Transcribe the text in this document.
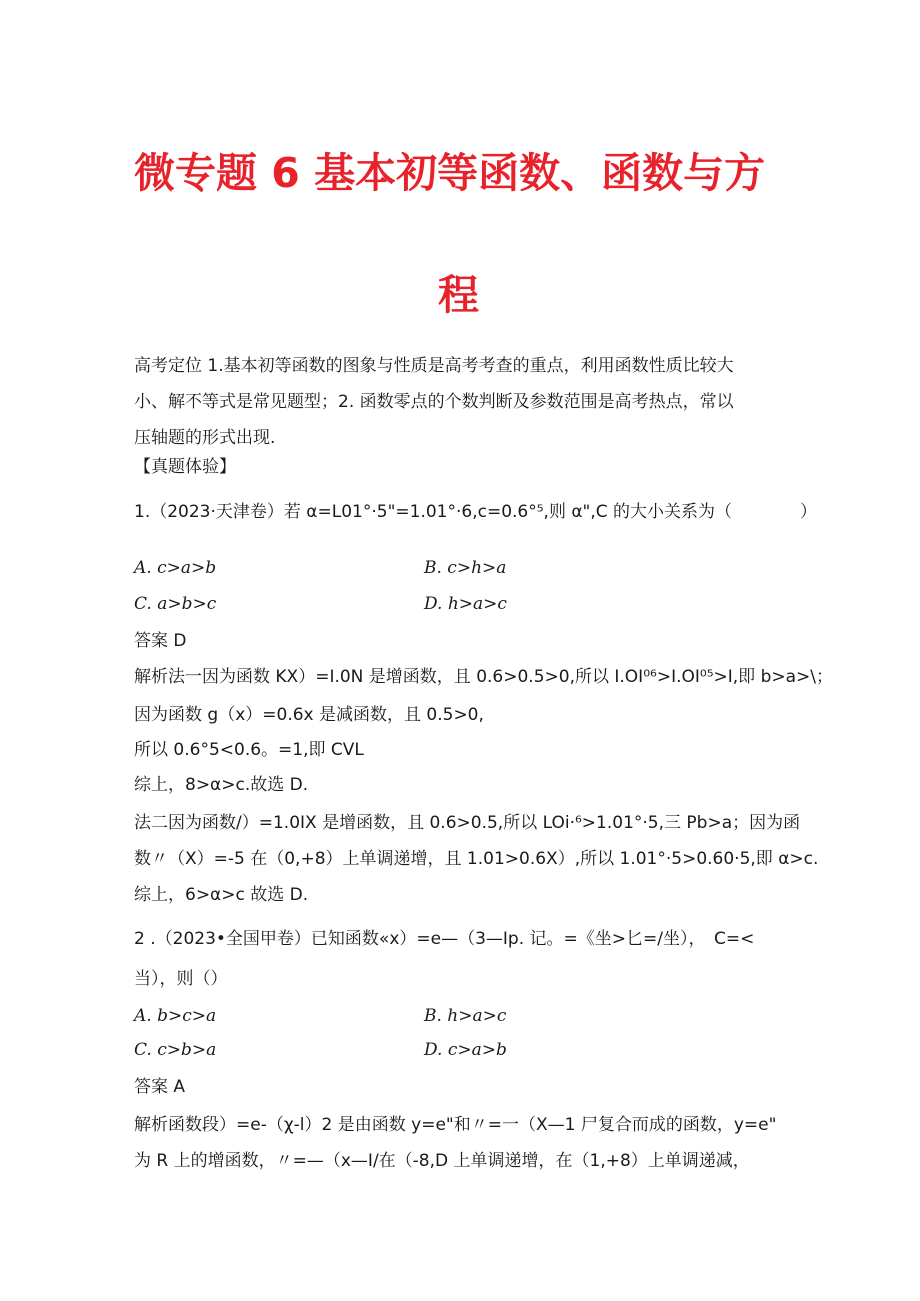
微专题 6 基本初等函数、函数与方
程
高考定位 1.基本初等函数的图象与性质是高考考查的重点，利用函数性质比较大
小、解不等式是常见题型；2. 函数零点的个数判断及参数范围是高考热点，常以
压轴题的形式出现.
【真题体验】
1.（2023·天津卷）若 α=L01°·5"=1.01°·6,c=0.6°⁵,则 α",C 的大小关系为（　　　　）
A. c>a>b	B. c>h>a
C. a>b>c	D. h>a>c
答案 D
解析法一因为函数 KX）=I.0N 是增函数，且 0.6>0.5>0,所以 I.OI⁰⁶>I.OI⁰⁵>I,即 b>a>\；
因为函数 g（x）=0.6x 是减函数，且 0.5>0,
所以 0.6°5<0.6。=1,即 CVL
综上，8>α>c.故选 D.
法二因为函数/）=1.0IX 是增函数，且 0.6>0.5,所以 LOi·⁶>1.01°·5,三 Pb>a；因为函
数〃（X）=-5 在（0,+8）上单调递增，且 1.01>0.6X）,所以 1.01°·5>0.60·5,即 α>c.
综上，6>α>c 故选 D.
2 .（2023•全国甲卷）已知函数«x）=e—（3—Ip. 记。=《坐>匕=/坐），　C=<
当），则（）
A. b>c>a	B. h>a>c
C. c>b>a	D. c>a>b
答案 A
解析函数段）=e-（χ-l）2 是由函数 y=e"和〃=一（X—1 尸复合而成的函数，y=e"
为 R 上的增函数，〃=—（x—I/在（-8,D 上单调递增，在（1,+8）上单调递减，
